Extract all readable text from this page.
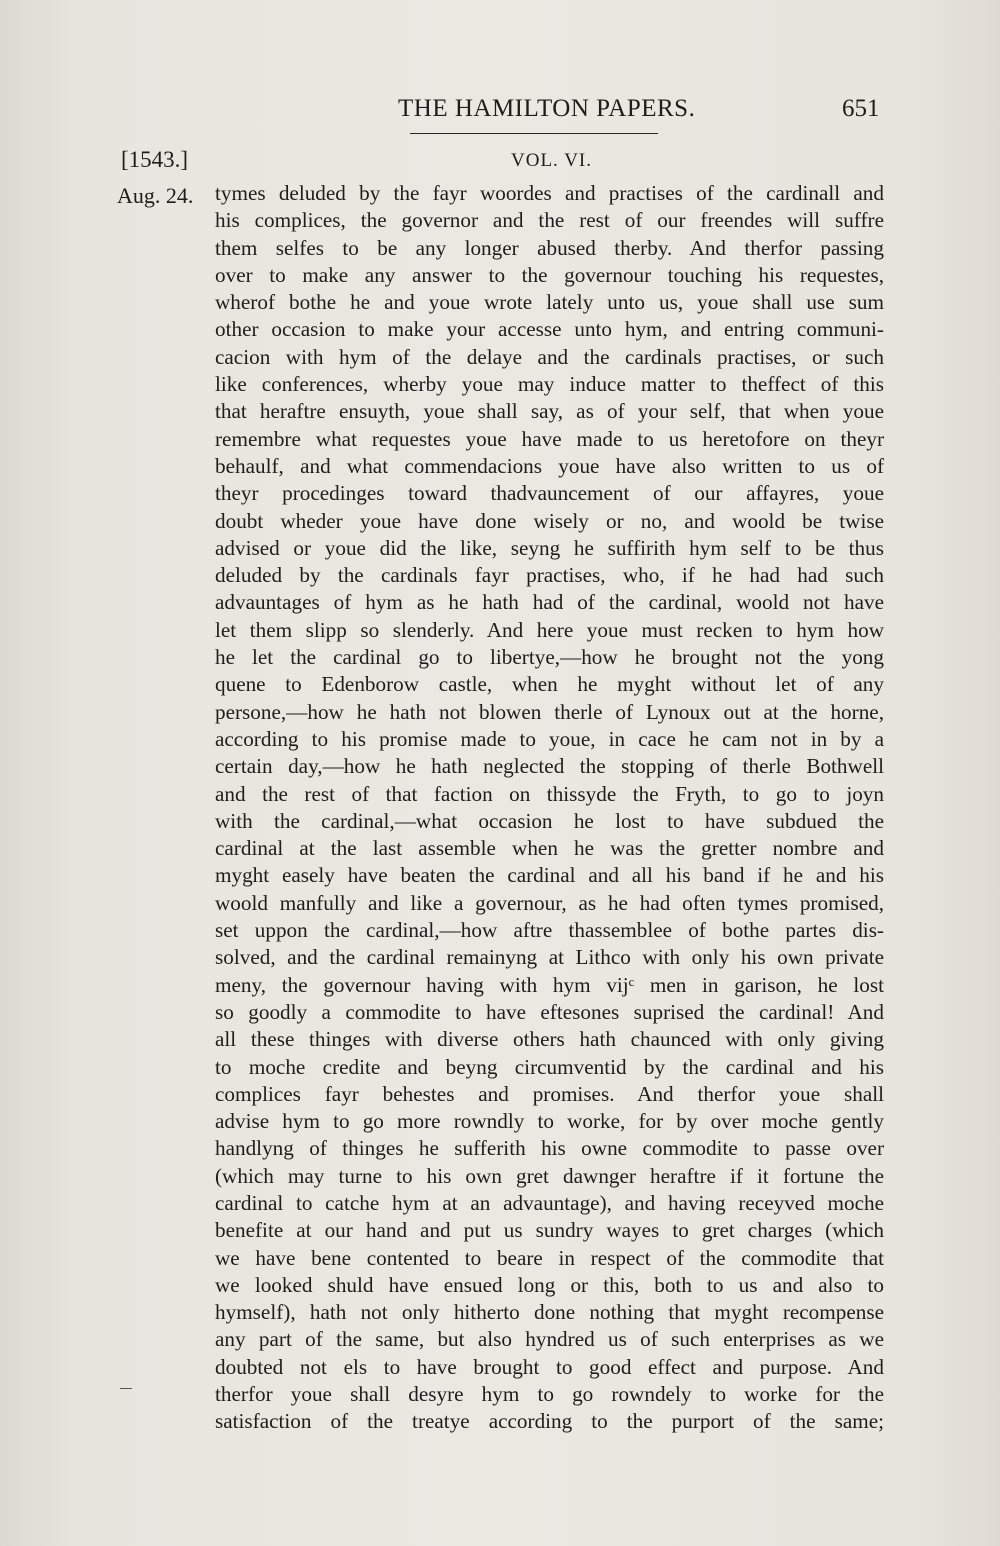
THE HAMILTON PAPERS.	651
[1543.]	VOL. VI.
Aug. 24. tymes deluded by the fayr woordes and practises of the cardinall and
his complices, the governor and the rest of our freendes will suffre
them selfes to be any longer abused therby. And therfor passing
over to make any answer to the governour touching his requestes,
wherof bothe he and youe wrote lately unto us, youe shall use sum
other occasion to make your accesse unto hym, and entring communi-
cacion with hym of the delaye and the cardinals practises, or such
like conferences, wherby youe may induce matter to theffect of this
that heraftre ensuyth, youe shall say, as of your self, that when youe
remembre what requestes youe have made to us heretofore on theyr
behaulf, and what commendacions youe have also written to us of
theyr procedinges toward thadvauncement of our affayres, youe
doubt wheder youe have done wisely or no, and woold be twise
advised or youe did the like, seyng he suffirith hym self to be thus
deluded by the cardinals fayr practises, who, if he had had such
advauntages of hym as he hath had of the cardinal, woold not have
let them slipp so slenderly. And here youe must recken to hym how
he let the cardinal go to libertye,—how he brought not the yong
quene to Edenborow castle, when he myght without let of any
persone,—how he hath not blowen therle of Lynoux out at the horne,
according to his promise made to youe, in cace he cam not in by a
certain day,—how he hath neglected the stopping of therle Bothwell
and the rest of that faction on thissyde the Fryth, to go to joyn
with the cardinal,—what occasion he lost to have subdued the
cardinal at the last assemble when he was the gretter nombre and
myght easely have beaten the cardinal and all his band if he and his
woold manfully and like a governour, as he had often tymes promised,
set uppon the cardinal,—how aftre thassemblee of bothe partes dis-
solved, and the cardinal remainyng at Lithco with only his own private
meny, the governour having with hym vijᶜ men in garison, he lost
so goodly a commodite to have eftesones suprised the cardinal! And
all these thinges with diverse others hath chaunced with only giving
to moche credite and beyng circumventid by the cardinal and his
complices fayr behestes and promises. And therfor youe shall
advise hym to go more rowndly to worke, for by over moche gently
handlyng of thinges he sufferith his owne commodite to passe over
(which may turne to his own gret dawnger heraftre if it fortune the
cardinal to catche hym at an advauntage), and having receyved moche
benefite at our hand and put us sundry wayes to gret charges (which
we have bene contented to beare in respect of the commodite that
we looked shuld have ensued long or this, both to us and also to
hymself), hath not only hitherto done nothing that myght recompense
any part of the same, but also hyndred us of such enterprises as we
doubted not els to have brought to good effect and purpose. And
therfor youe shall desyre hym to go rowndely to worke for the
satisfaction of the treatye according to the purport of the same;
